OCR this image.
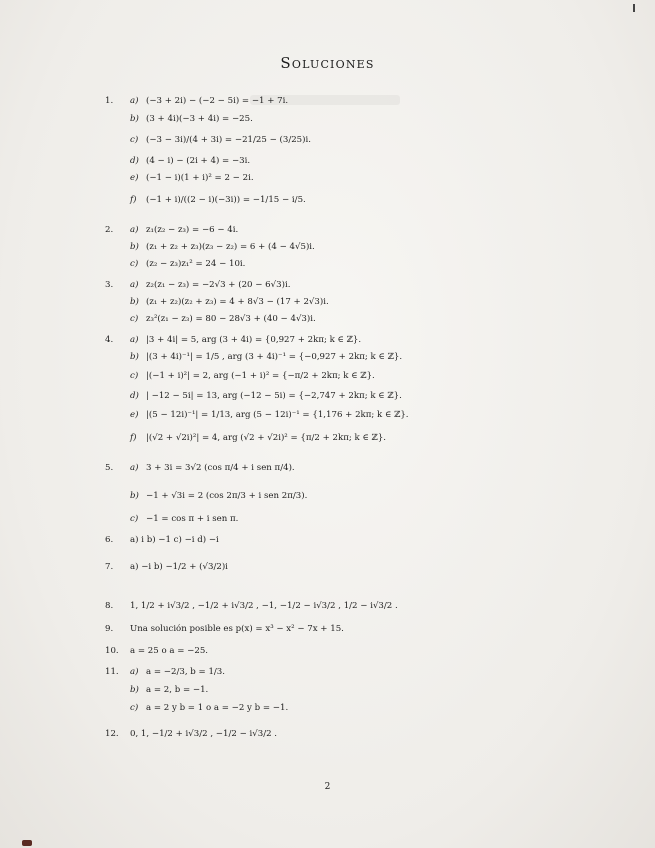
Soluciones
1. a) (−3 + 2i) − (−2 − 5i) = −1 + 7i.
b) (3 + 4i)(−3 + 4i) = −25.
c) (−3 − 3i)/(4 + 3i) = −21/25 − (3/25)i.
d) (4 − i) − (2i + 4) = −3i.
e) (−1 − i)(1 + i)² = 2 − 2i.
f) (−1 + i)/((2 − i)(−3i)) = −1/15 − i/5.
2. a) z₁(z₂ − z₃) = −6 − 4i.
b) (z₁ + z₂ + z₃)(z₃ − z₂) = 6 + (4 − 4√5)i.
c) (z₂ − z₃)z₁² = 24 − 10i.
3. a) z₂(z₁ − z₃) = −2√3 + (20 − 6√3)i.
b) (z₁ + z₂)(z₂ + z₃) = 4 + 8√3 − (17 + 2√3)i.
c) z₃²(z₁ − z₃) = 80 − 28√3 + (40 − 4√3)i.
4. a) |3 + 4i| = 5, arg (3 + 4i) = {0,927 + 2kπ; k ∈ ℤ}.
b) |(3 + 4i)⁻¹| = 1/5 , arg (3 + 4i)⁻¹ = {−0,927 + 2kπ; k ∈ ℤ}.
c) |(−1 + i)²| = 2, arg (−1 + i)² = {−π/2 + 2kπ; k ∈ ℤ}.
d) | −12 − 5i| = 13, arg (−12 − 5i) = {−2,747 + 2kπ; k ∈ ℤ}.
e) |(5 − 12i)⁻¹| = 1/13, arg (5 − 12i)⁻¹ = {1,176 + 2kπ; k ∈ ℤ}.
f) |(√2 + √2i)²| = 4, arg (√2 + √2i)² = {π/2 + 2kπ; k ∈ ℤ}.
5. a) 3 + 3i = 3√2 (cos π/4 + i sen π/4).
b) −1 + √3i = 2 (cos 2π/3 + i sen 2π/3).
c) −1 = cos π + i sen π.
6. a) i b) −1 c) −i d) −i
7. a) −i b) −1/2 + (√3/2)i
8. 1, 1/2 + i√3/2 , −1/2 + i√3/2 , −1, −1/2 − i√3/2 , 1/2 − i√3/2 .
9. Una solución posible es p(x) = x³ − x² − 7x + 15.
10. a = 25 o a = −25.
11. a) a = −2/3, b = 1/3.
b) a = 2, b = −1.
c) a = 2 y b = 1 o a = −2 y b = −1.
12. 0, 1, −1/2 + i√3/2 , −1/2 − i√3/2 .
2
